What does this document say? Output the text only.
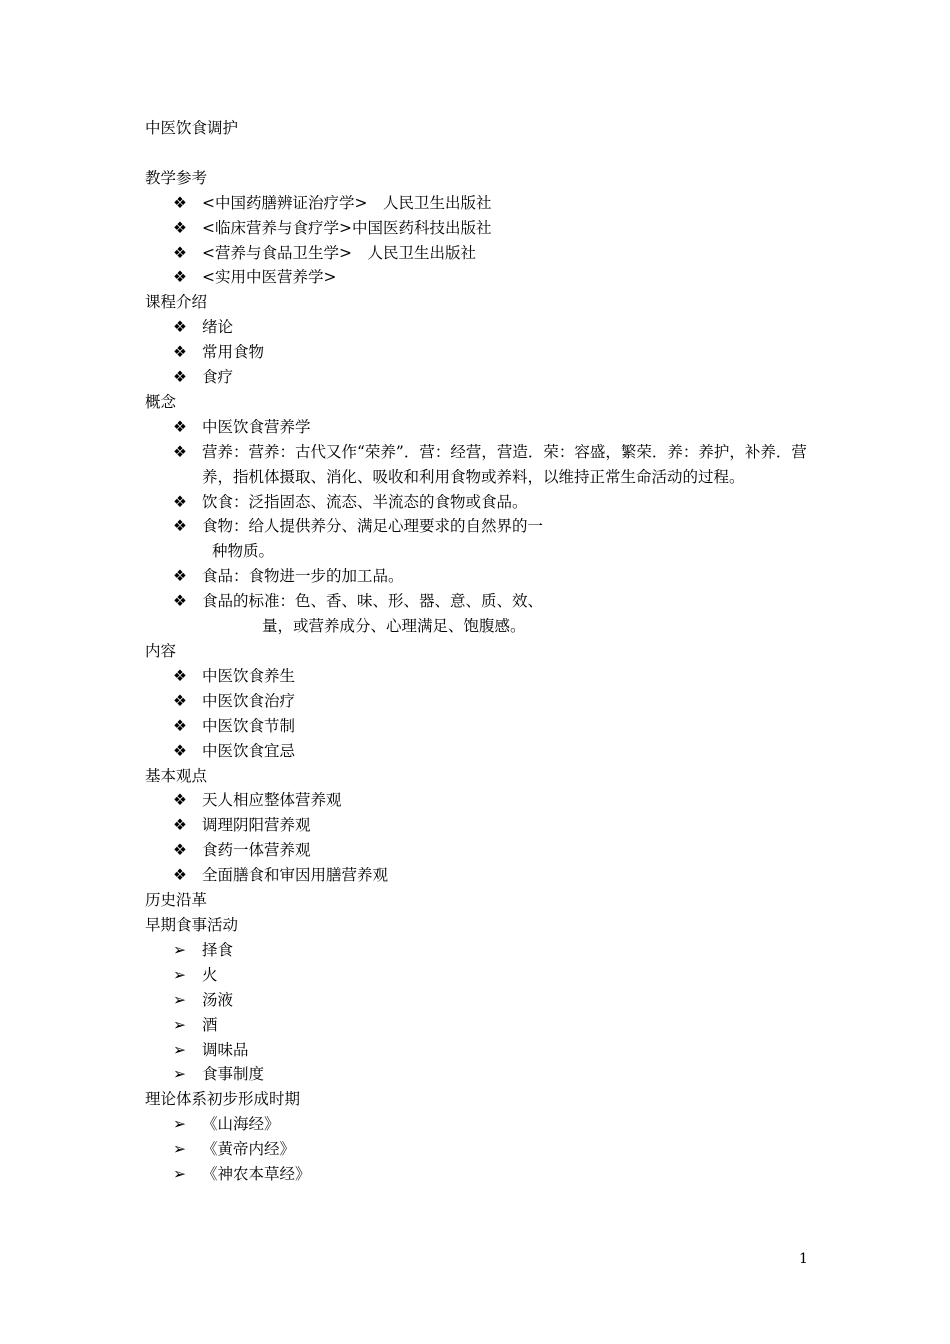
中医饮食调护

教学参考

❖ <中国药膳辨证治疗学>　人民卫生出版社
❖ <临床营养与食疗学>中国医药科技出版社
❖ <营养与食品卫生学>　人民卫生出版社
❖ <实用中医营养学>

课程介绍

❖ 绪论
❖ 常用食物
❖ 食疗

概念

❖ 中医饮食营养学
❖ 营养：营养：古代又作“荣养”．营：经营，营造．荣：容盛，繁荣．养：养护，补养．营养，指机体摄取、消化、吸收和利用食物或养料，以维持正常生命活动的过程。
❖ 饮食：泛指固态、流态、半流态的食物或食品。
❖ 食物：给人提供养分、满足心理要求的自然界的一
种物质。
❖ 食品：食物进一步的加工品。
❖ 食品的标准：色、香、味、形、器、意、质、效、
量，或营养成分、心理满足、饱腹感。

内容

❖ 中医饮食养生
❖ 中医饮食治疗
❖ 中医饮食节制
❖ 中医饮食宜忌

基本观点

❖ 天人相应整体营养观
❖ 调理阴阳营养观
❖ 食药一体营养观
❖ 全面膳食和审因用膳营养观

历史沿革

早期食事活动

➢	择食
➢	火
➢	汤液
➢	酒
➢	调味品
➢	食事制度

理论体系初步形成时期

➢	《山海经》
➢	《黄帝内经》
➢	《神农本草经》
1
